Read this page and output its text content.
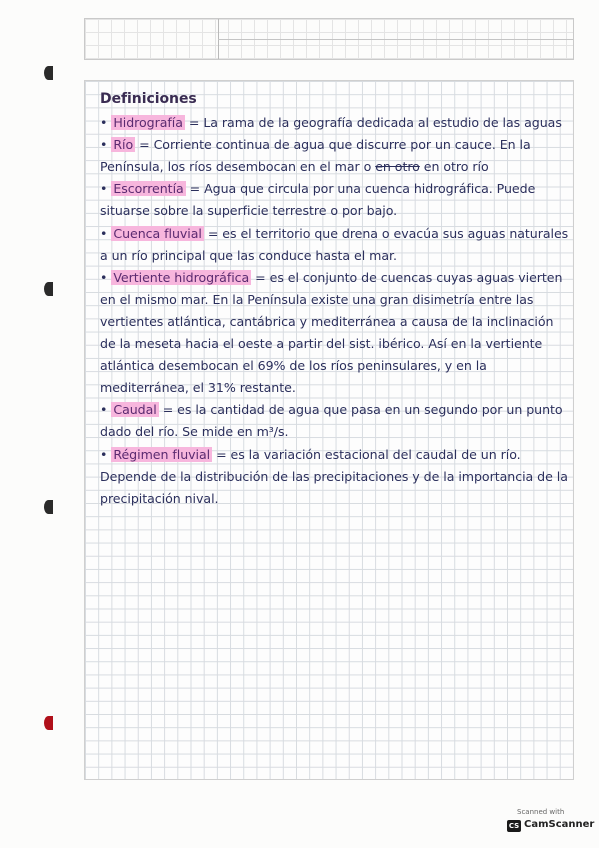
Definiciones

• Hidrografía = La rama de la geografía dedicada al estudio de las aguas

• Río = Corriente continua de agua que discurre por un cauce. En la Península, los ríos desembocan en el mar o en otro en otro río

• Escorrentía = Agua que circula por una cuenca hidrográfica. Puede situarse sobre la superficie terrestre o por bajo.

• Cuenca fluvial = es el territorio que drena o evacúa sus aguas naturales a un río principal que las conduce hasta el mar.

• Vertiente hidrográfica = es el conjunto de cuencas cuyas aguas vierten en el mismo mar. En la Península existe una gran disimetría entre las vertientes atlántica, cantábrica y mediterránea a causa de la inclinación de la meseta hacia el oeste a partir del sist. ibérico. Así en la vertiente atlántica desembocan el 69% de los ríos peninsulares, y en la mediterránea, el 31% restante.

• Caudal = es la cantidad de agua que pasa en un segundo por un punto dado del río. Se mide en m³/s.

• Régimen fluvial = es la variación estacional del caudal de un río. Depende de la distribución de las precipitaciones y de la importancia de la precipitación nival.

Scanned with
CS CamScanner
